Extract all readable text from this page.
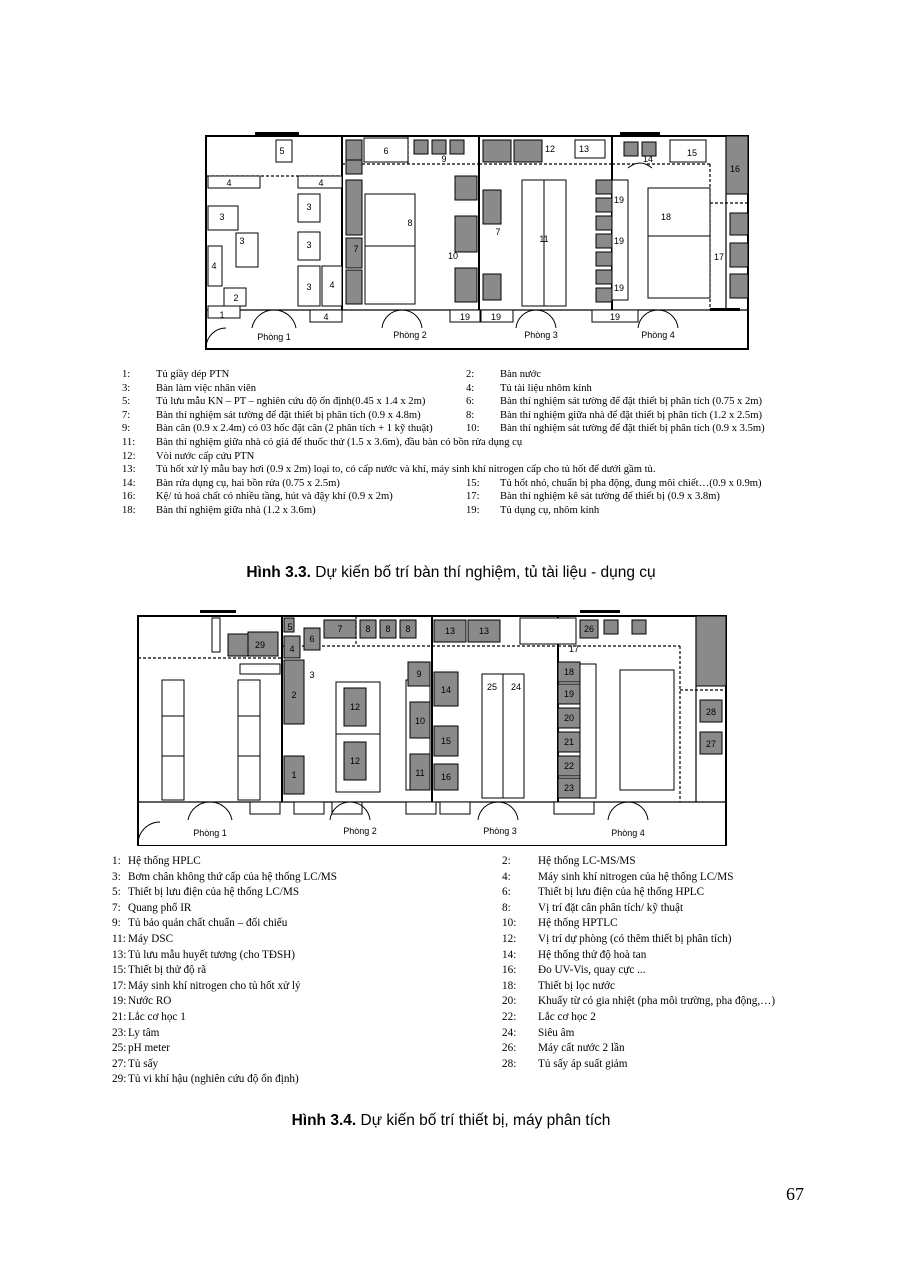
5
4	4
3
3
4
2
1
3
3
3 4
4
6
7
8
9
10
7
19 19
11
12	13
14
15
16
18
19
19
19
19
17
Phòng 1	Phòng 2	Phòng 3	Phòng 4
1: Tủ giầy dép PTN	2: Bàn nước
3: Bàn làm việc nhân viên	4: Tủ tài liệu nhôm kính
5: Tủ lưu mẫu KN – PT – nghiên cứu độ ổn định(0.45 x 1.4 x 2m)	6: Bàn thí nghiệm sát tường để đặt thiết bị phân tích (0.75 x 2m)
7: Bàn thí nghiệm sát tường để đặt thiết bị phân tích (0.9 x 4.8m)	8: Bàn thí nghiệm giữa nhà để đặt thiết bị phân tích (1.2 x 2.5m)
9: Bàn cân (0.9 x 2.4m) có 03 hốc đặt cân (2 phân tích + 1 kỹ thuật)	10: Bàn thí nghiệm sát tường để đặt thiết bị phân tích (0.9 x 3.5m)
11: Bàn thí nghiệm giữa nhà có giá để thuốc thử (1.5 x 3.6m), đầu bàn có bồn rửa dụng cụ
12: Vòi nước cấp cứu PTN
13: Tủ hốt xử lý mẫu bay hơi (0.9 x 2m) loại to, có cấp nước và khí, máy sinh khí nitrogen cấp cho tủ hốt để dưới gầm tủ.
14: Bàn rửa dụng cụ, hai bồn rửa (0.75 x 2.5m)	15: Tủ hốt nhỏ, chuẩn bị pha động, đung môi chiết…(0.9 x 0.9m)
16: Kệ/ tủ hoá chất có nhiều tầng, hút và đậy khí (0.9 x 2m)	17: Bàn thí nghiệm kê sát tường để thiết bị (0.9 x 3.8m)
18: Bàn thí nghiệm giữa nhà (1.2 x 3.6m)	19: Tủ dụng cụ, nhôm kính
Hình 3.3. Dự kiến bố trí bàn thí nghiệm, tủ tài liệu - dụng cụ
29
5
4
6
7	8 8 8	13	13
2
3
1
12
12
9
10
11
14
15
16
25 24
18
19
20
21
22
23
26
17
28
27
Phòng 1	Phòng 2	Phòng 3	Phòng 4
1: Hệ thống HPLC	2: Hệ thống LC-MS/MS
3: Bơm chân không thứ cấp của hệ thống LC/MS	4: Máy sinh khí nitrogen của hệ thống LC/MS
5: Thiết bị lưu điện của hệ thống LC/MS	6: Thiết bị lưu điện của hệ thống HPLC
7: Quang phổ IR	8: Vị trí đặt cân phân tích/ kỹ thuật
9: Tủ bảo quản chất chuẩn – đối chiếu	10: Hệ thống HPTLC
11: Máy DSC	12: Vị trí dự phòng (có thêm thiết bị phân tích)
13: Tủ lưu mẫu huyết tương (cho TĐSH)	14: Hệ thống thử độ hoà tan
15: Thiết bị thử độ rã	16: Đo UV-Vis, quay cực ...
17: Máy sinh khí nitrogen cho tủ hốt xử lý	18: Thiết bị lọc nước
19: Nước RO	20: Khuấy từ có gia nhiệt (pha môi trường, pha động,…)
21: Lắc cơ học 1	22: Lắc cơ học 2
23: Ly tâm	24: Siêu âm
25: pH meter	26: Máy cất nước 2 lần
27: Tủ sấy	28: Tủ sấy áp suất giảm
29: Tủ vi khí hậu (nghiên cứu độ ổn định)
Hình 3.4. Dự kiến bố trí thiết bị, máy phân tích
67
